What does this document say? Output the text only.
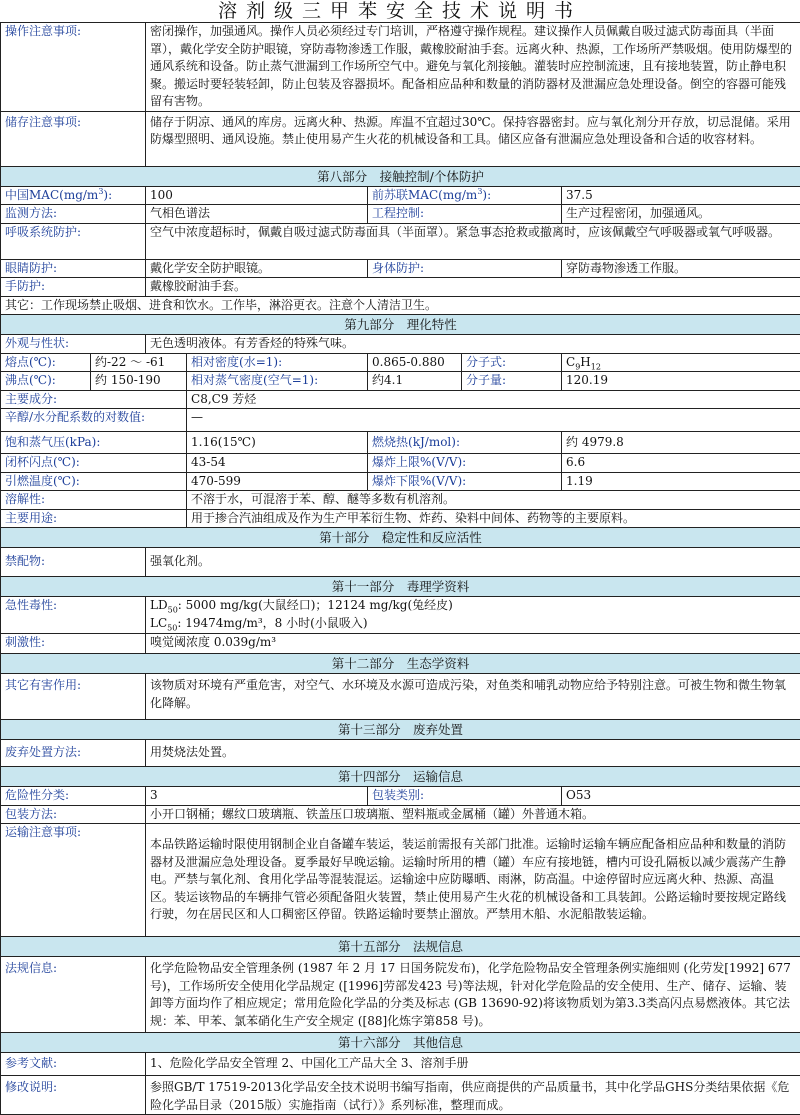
溶剂级三甲苯安全技术说明书
操作注意事项:		密闭操作，加强通风。操作人员必须经过专门培训，严格遵守操作规程。建议操作人员佩戴自吸过滤式防毒面具（半面罩），戴化学安全防护眼镜，穿防毒物渗透工作服，戴橡胶耐油手套。远离火种、热源，工作场所严禁吸烟。使用防爆型的通风系统和设备。防止蒸气泄漏到工作场所空气中。避免与氧化剂接触。灌装时应控制流速，且有接地装置，防止静电积聚。搬运时要轻装轻卸，防止包装及容器损坏。配备相应品种和数量的消防器材及泄漏应急处理设备。倒空的容器可能残留有害物。				
储存注意事项:		储存于阴凉、通风的库房。远离火种、热源。库温不宜超过30℃。保持容器密封。应与氧化剂分开存放，切忌混储。采用防爆型照明、通风设施。禁止使用易产生火花的机械设备和工具。储区应备有泄漏应急处理设备和合适的收容材料。				
第八部分　接触控制/个体防护						
中国$MAC(mg/m^3)$:		100		前苏联$MAC(mg/m^3)$:		37.5
监测方法:		气相色谱法		工程控制:		生产过程密闭，加强通风。
呼吸系统防护:		空气中浓度超标时，佩戴自吸过滤式防毒面具（半面罩）。紧急事态抢救或撤离时，应该佩戴空气呼吸器或氧气呼吸器。				
眼睛防护:		戴化学安全防护眼镜。		身体防护:		穿防毒物渗透工作服。
手防护:		戴橡胶耐油手套。				
其它：工作现场禁止吸烟、进食和饮水。工作毕，淋浴更衣。注意个人清洁卫生。						
第九部分　理化特性						
外观与性状:		无色透明液体。有芳香烃的特殊气味。				
熔点(℃):	约-22 ～ -61		相对密度(水=1):	0.865-0.880	分子式:	$C_9H_{12}$
沸点(℃):	约 150-190		相对蒸气密度(空气=1):	约4.1	分子量:	120.19
主要成分:			C8,C9 芳烃			
辛醇/水分配系数的对数值:			—			
饱和蒸气压(kPa):			1.16(15℃)	燃烧热(kJ/mol):		约 4979.8
闭杯闪点(℃):			43-54	爆炸上限%(V/V):		6.6
引燃温度(℃):			470-599	爆炸下限%(V/V):		1.19
溶解性:			不溶于水，可混溶于苯、醇、醚等多数有机溶剂。			
主要用途:			用于掺合汽油组成及作为生产甲苯衍生物、炸药、染料中间体、药物等的主要原料。			
第十部分　稳定性和反应活性						
禁配物:		强氧化剂。				
第十一部分　毒理学资料						
急性毒性:		$LD_{50}$: 5000 mg/kg(大鼠经口)；12124 mg/kg(兔经皮)
$LC_{50}$: 19474mg/m³，8 小时(小鼠吸入)				

刺激性:		嗅觉阈浓度 0.039g/m³				
第十二部分　生态学资料						
其它有害作用:		该物质对环境有严重危害，对空气、水环境及水源可造成污染，对鱼类和哺乳动物应给予特别注意。可被生物和微生物氧化降解。				
第十三部分　废弃处置						
废弃处置方法:		用焚烧法处置。				
第十四部分　运输信息						
危险性分类:		3		包装类别:		O53
包装方法:		小开口钢桶；螺纹口玻璃瓶、铁盖压口玻璃瓶、塑料瓶或金属桶（罐）外普通木箱。				
运输注意事项:		本品铁路运输时限使用钢制企业自备罐车装运，装运前需报有关部门批准。运输时运输车辆应配备相应品种和数量的消防器材及泄漏应急处理设备。夏季最好早晚运输。运输时所用的槽（罐）车应有接地链，槽内可设孔隔板以减少震荡产生静电。严禁与氧化剂、食用化学品等混装混运。运输途中应防曝晒、雨淋，防高温。中途停留时应远离火种、热源、高温区。装运该物品的车辆排气管必须配备阻火装置，禁止使用易产生火花的机械设备和工具装卸。公路运输时要按规定路线行驶，勿在居民区和人口稠密区停留。铁路运输时要禁止溜放。严禁用木船、水泥船散装运输。				
第十五部分　法规信息						
法规信息:		化学危险物品安全管理条例 (1987 年 2 月 17 日国务院发布)，化学危险物品安全管理条例实施细则 (化劳发[1992] 677 号)，工作场所安全使用化学品规定 ([1996]劳部发423 号)等法规，针对化学危险品的安全使用、生产、储存、运输、装卸等方面均作了相应规定；常用危险化学品的分类及标志 (GB 13690-92)将该物质划为第3.3类高闪点易燃液体。其它法规：苯、甲苯、氯苯硝化生产安全规定 ([88]化炼字第858 号)。				
第十六部分　其他信息						
参考文献:		1、危险化学品安全管理 2、中国化工产品大全 3、溶剂手册				
修改说明:		参照GB/T 17519-2013化学品安全技术说明书编写指南，供应商提供的产品质量书，其中化学品GHS分类结果依据《危险化学品目录（2015版）实施指南（试行）》系列标准，整理而成。				
